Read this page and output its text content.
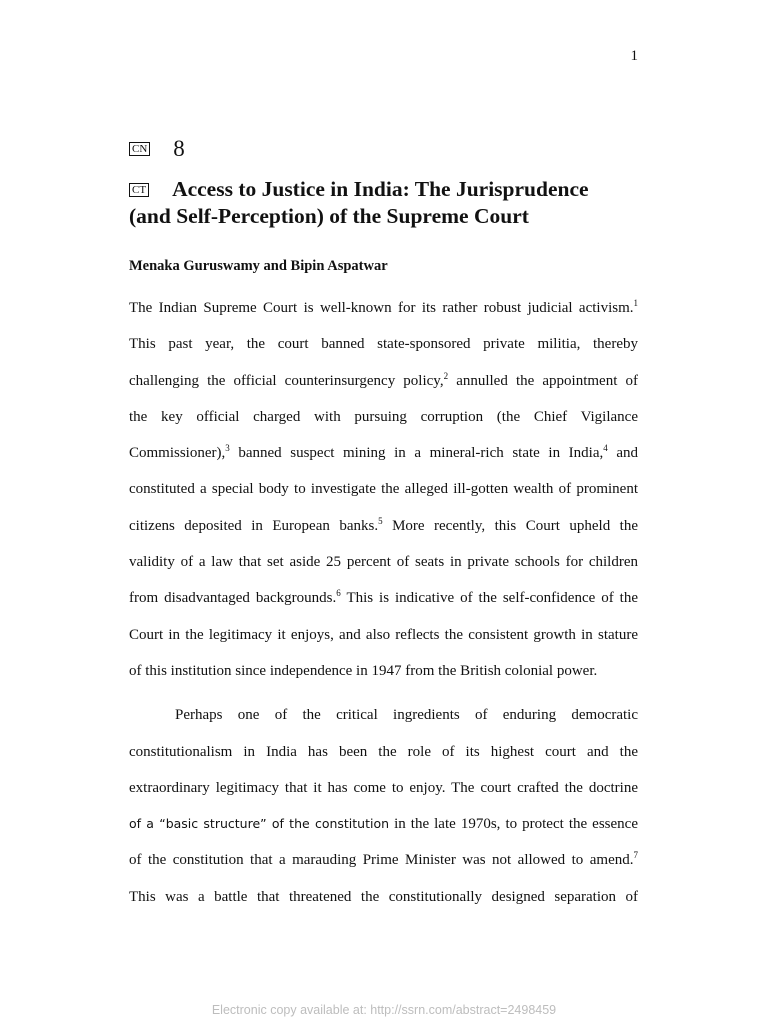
1
CN 8
CT Access to Justice in India: The Jurisprudence
(and Self-Perception) of the Supreme Court
Menaka Guruswamy and Bipin Aspatwar
The Indian Supreme Court is well-known for its rather robust judicial activism.$^1$
This past year, the court banned state-sponsored private militia, thereby
challenging the official counterinsurgency policy,$^2$ annulled the appointment of
the key official charged with pursuing corruption (the Chief Vigilance
Commissioner),$^3$ banned suspect mining in a mineral-rich state in India,$^4$ and
constituted a special body to investigate the alleged ill-gotten wealth of prominent
citizens deposited in European banks.$^5$ More recently, this Court upheld the
validity of a law that set aside 25 percent of seats in private schools for children
from disadvantaged backgrounds.$^6$ This is indicative of the self-confidence of the
Court in the legitimacy it enjoys, and also reflects the consistent growth in stature
of this institution since independence in 1947 from the British colonial power.
Perhaps one of the critical ingredients of enduring democratic
constitutionalism in India has been the role of its highest court and the
extraordinary legitimacy that it has come to enjoy. The court crafted the doctrine
of a “basic structure” of the constitution in the late 1970s, to protect the essence
of the constitution that a marauding Prime Minister was not allowed to amend.$^7$
This was a battle that threatened the constitutionally designed separation of
Electronic copy available at: http://ssrn.com/abstract=2498459
